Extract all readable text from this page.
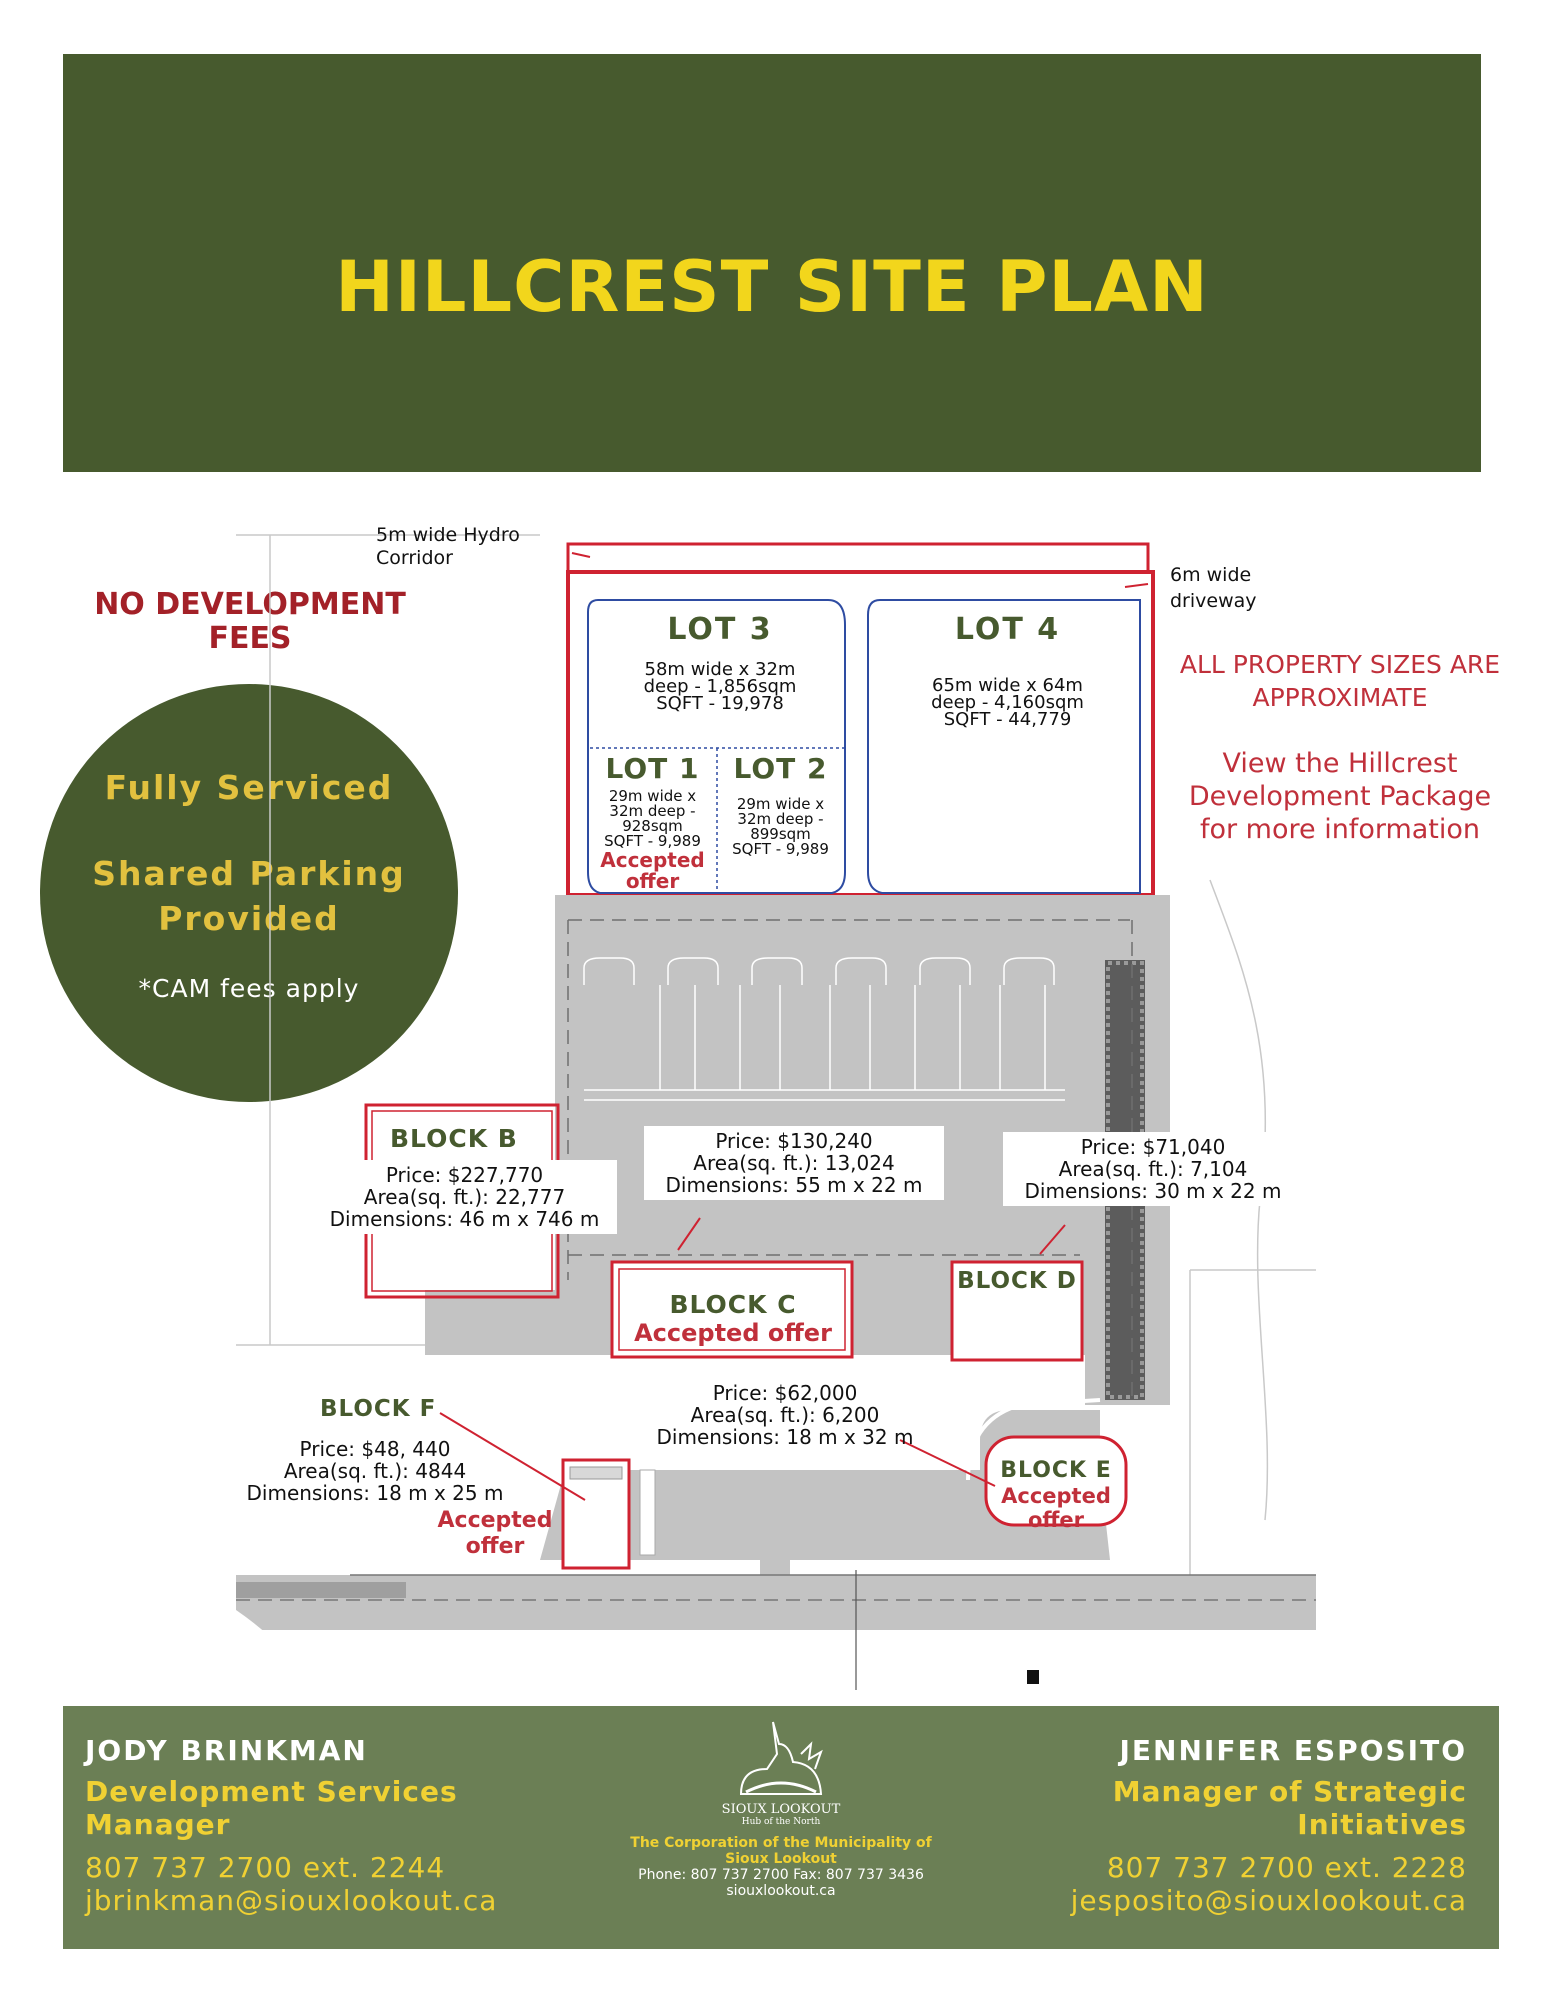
HILLCREST SITE PLAN
NO DEVELOPMENT
FEES
Fully Serviced
Shared Parking
Provided
*CAM fees apply
ALL PROPERTY SIZES ARE
APPROXIMATE
View the Hillcrest
Development Package
for more information
5m wide Hydro
Corridor
6m wide
driveway
LOT 3
58m wide x 32m
deep - 1,856sqm
SQFT - 19,978
LOT 4
65m wide x 64m
deep - 4,160sqm
SQFT - 44,779
LOT 1
29m wide x
32m deep -
928sqm
SQFT - 9,989
Accepted
offer
LOT 2
29m wide x
32m deep -
899sqm
SQFT - 9,989
BLOCK B
Price: $227,770
Area(sq. ft.): 22,777
Dimensions: 46 m x 746 m
Price: $130,240
Area(sq. ft.): 13,024
Dimensions: 55 m x 22 m
BLOCK C
Accepted offer
Price: $71,040
Area(sq. ft.): 7,104
Dimensions: 30 m x 22 m
BLOCK D
Price: $62,000
Area(sq. ft.): 6,200
Dimensions: 18 m x 32 m
BLOCK E
Accepted
offer
BLOCK F
Price: $48, 440
Area(sq. ft.): 4844
Dimensions: 18 m x 25 m
Accepted
offer
JODY BRINKMAN
Development Services
Manager
807 737 2700 ext. 2244
jbrinkman@siouxlookout.ca
SIOUX LOOKOUT
Hub of the North
The Corporation of the Municipality of
Sioux Lookout
Phone: 807 737 2700 Fax: 807 737 3436
siouxlookout.ca
JENNIFER ESPOSITO
Manager of Strategic
Initiatives
807 737 2700 ext. 2228
jesposito@siouxlookout.ca
